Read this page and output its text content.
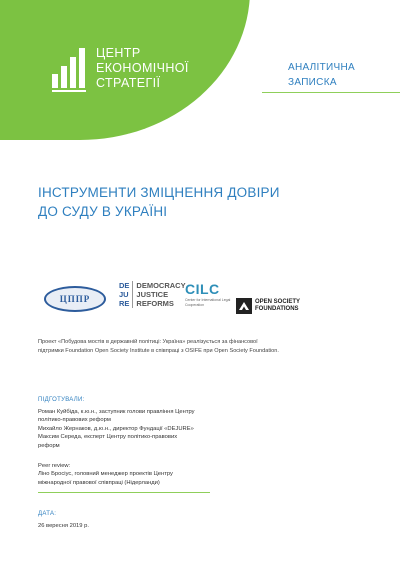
ЦЕНТР
ЕКОНОМІЧНОЇ
СТРАТЕГІЇ
АНАЛІТИЧНА
ЗАПИСКА
ІНСТРУМЕНТИ ЗМІЦНЕННЯ ДОВІРИ
ДО СУДУ В УКРАЇНІ
ЦППР
DE
JU
RE
DEMOCRACY
JUSTICE
REFORMS
CILC
Center for International Legal Cooperation	OPEN SOCIETY
FOUNDATIONS
Проект «Побудова мостів в державній політиці: Україна» реалізується за фінансової
підтримки Foundation Open Society Institute в співпраці з OSIFE при Open Society Foundation.
ПІДГОТУВАЛИ:
Роман Куйбіда, к.ю.н., заступник голови правління Центру
політико-правових реформ
Михайло Жернаков, д.ю.н., директор Фундації «DEJURE»
Максим Середа, експерт Центру політико-правових
реформ
Peer review:
Ліно Бросіус, головний менеджер проектів Центру
міжнародної правової співпраці (Нідерланди)
ДАТА:
26 вересня 2019 р.
